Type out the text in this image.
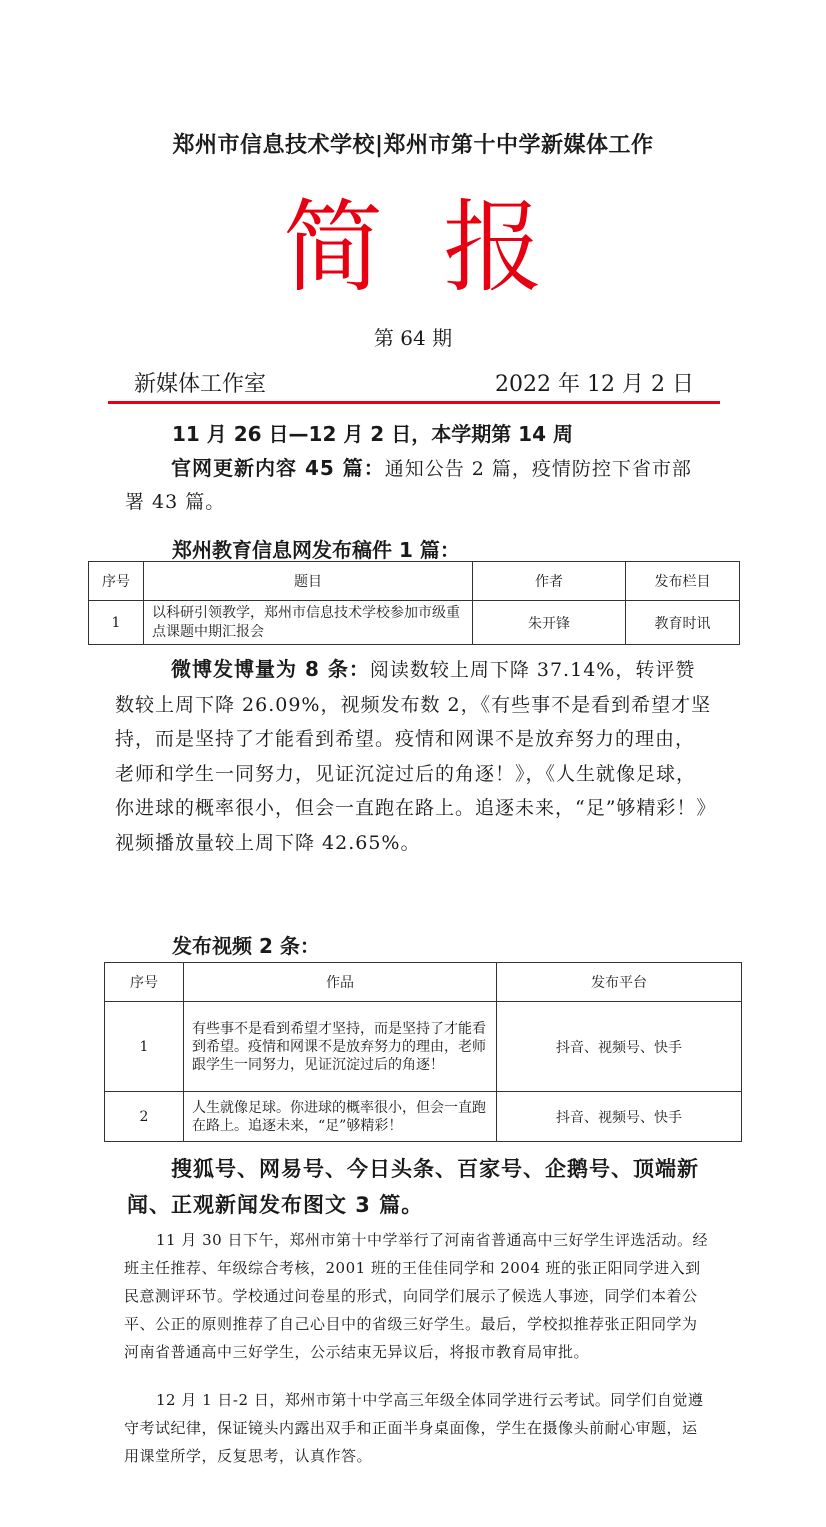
郑州市信息技术学校|郑州市第十中学新媒体工作
简报
第 64 期
新媒体工作室	2022 年 12 月 2 日
11 月 26 日—12 月 2 日，本学期第 14 周
官网更新内容 45 篇：通知公告 2 篇，疫情防控下省市部署 43 篇。
郑州教育信息网发布稿件 1 篇：
序号	题目	作者	发布栏目
1	以科研引领教学，郑州市信息技术学校参加市级重点课题中期汇报会	朱开锋	教育时讯
微博发博量为 8 条：阅读数较上周下降 37.14%，转评赞数较上周下降 26.09%，视频发布数 2，《有些事不是看到希望才坚持，而是坚持了才能看到希望。疫情和网课不是放弃努力的理由，老师和学生一同努力，见证沉淀过后的角逐！》，《人生就像足球，你进球的概率很小，但会一直跑在路上。追逐未来，“足”够精彩！》视频播放量较上周下降 42.65%。
发布视频 2 条：
序号	作品	发布平台
1	有些事不是看到希望才坚持，而是坚持了才能看到希望。疫情和网课不是放弃努力的理由，老师跟学生一同努力，见证沉淀过后的角逐！	抖音、视频号、快手
2	人生就像足球。你进球的概率很小，但会一直跑在路上。追逐未来，“足”够精彩！	抖音、视频号、快手
搜狐号、网易号、今日头条、百家号、企鹅号、顶端新闻、正观新闻发布图文 3 篇。
11 月 30 日下午，郑州市第十中学举行了河南省普通高中三好学生评选活动。经班主任推荐、年级综合考核，2001 班的王佳佳同学和 2004 班的张正阳同学进入到民意测评环节。学校通过问卷星的形式，向同学们展示了候选人事迹，同学们本着公平、公正的原则推荐了自己心目中的省级三好学生。最后，学校拟推荐张正阳同学为河南省普通高中三好学生，公示结束无异议后，将报市教育局审批。
12 月 1 日-2 日，郑州市第十中学高三年级全体同学进行云考试。同学们自觉遵守考试纪律，保证镜头内露出双手和正面半身桌面像，学生在摄像头前耐心审题，运用课堂所学，反复思考，认真作答。
